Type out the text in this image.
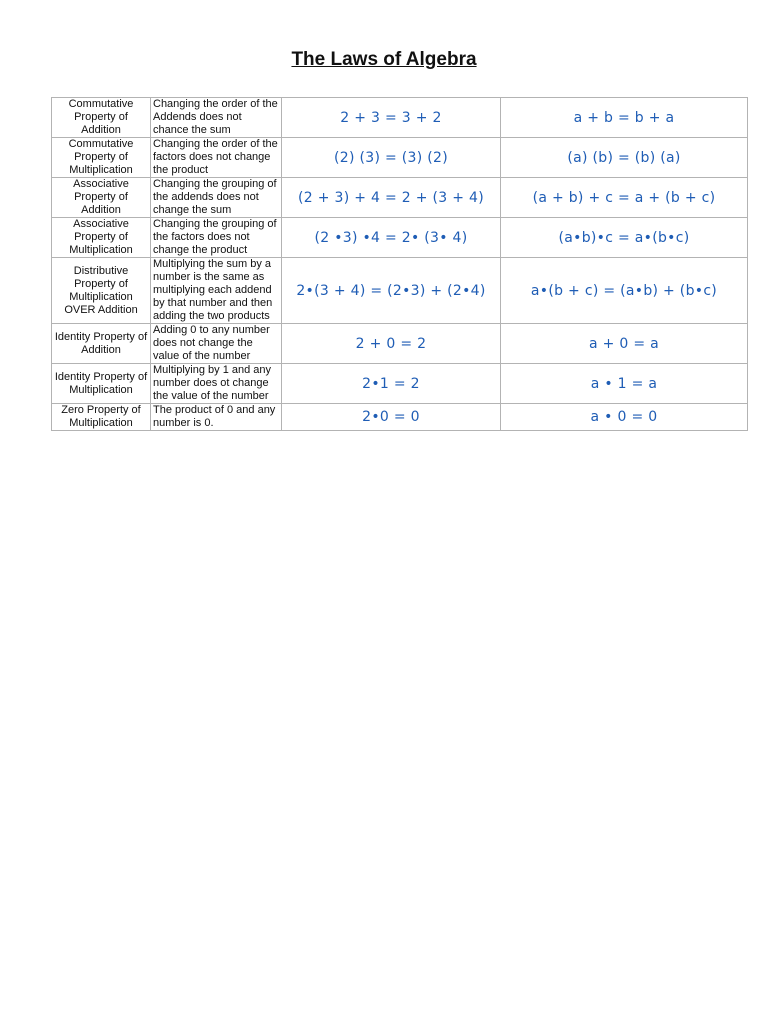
The Laws of Algebra
Commutative Property of Addition	Changing the order of the Addends does not chance the sum	2 + 3 = 3 + 2	a + b = b + a
Commutative Property of Multiplication	Changing the order of the factors does not change the product	(2) (3) = (3) (2)	(a) (b) = (b) (a)
Associative Property of Addition	Changing the grouping of the addends does not change the sum	(2 + 3) + 4 = 2 + (3 + 4)	(a + b) + c = a + (b + c)
Associative Property of Multiplication	Changing the grouping of the factors does not change the product	(2 •3) •4 = 2• (3• 4)	(a•b)•c = a•(b•c)
Distributive Property of Multiplication OVER Addition	Multiplying the sum by a number is the same as multiplying each addend by that number and then adding the two products	2•(3 + 4) = (2•3) + (2•4)	a•(b + c) = (a•b) + (b•c)
Identity Property of Addition	Adding 0 to any number does not change the value of the number	2 + 0 = 2	a + 0 = a
Identity Property of Multiplication	Multiplying by 1 and any number does ot change the value of the number	2•1 = 2	a • 1 = a
Zero Property of Multiplication	The product of 0 and any number is 0.	2•0 = 0	a • 0 = 0
